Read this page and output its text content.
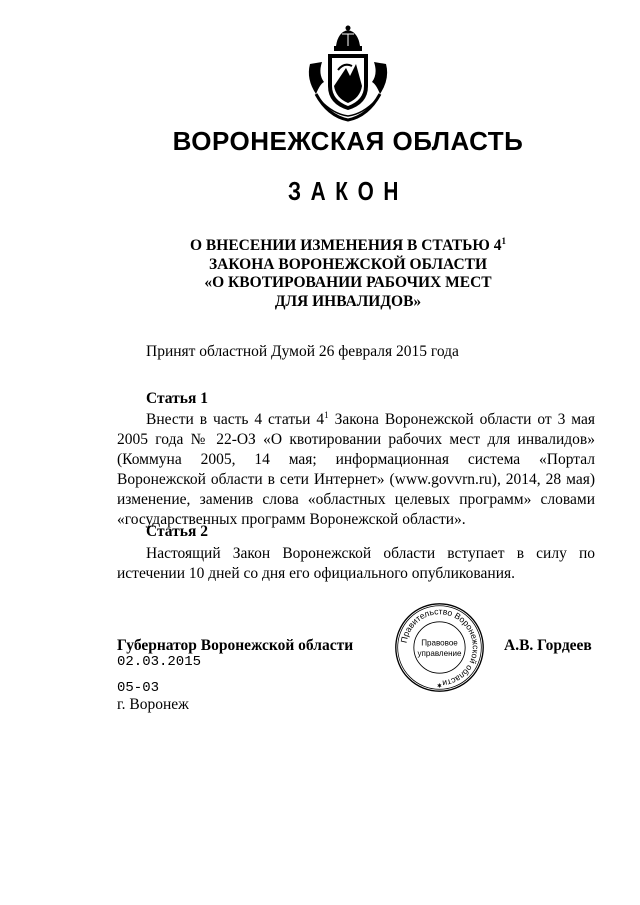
ВОРОНЕЖСКАЯ ОБЛАСТЬ
ЗАКОН
О ВНЕСЕНИИ ИЗМЕНЕНИЯ В СТАТЬЮ $4^1$
ЗАКОНА ВОРОНЕЖСКОЙ ОБЛАСТИ
«О КВОТИРОВАНИИ РАБОЧИХ МЕСТ
ДЛЯ ИНВАЛИДОВ»
Принят областной Думой 26 февраля 2015 года
Статья 1
Внести в часть 4 статьи $4^1$ Закона Воронежской области от 3 мая 2005 года № 22-ОЗ «О квотировании рабочих мест для инвалидов» (Коммуна 2005, 14 мая; информационная система «Портал Воронежской области в сети Интернет» (www.govvrn.ru), 2014, 28 мая) изменение, заменив слова «областных целевых программ» словами «государственных программ Воронежской области».
Статья 2
Настоящий Закон Воронежской области вступает в силу по истечении 10 дней со дня его официального опубликования.
Губернатор Воронежской области	А.В. Гордеев
02.03.2015
05-03
г. Воронеж
Правительство Воронежской области
Правовое
управление
✱
